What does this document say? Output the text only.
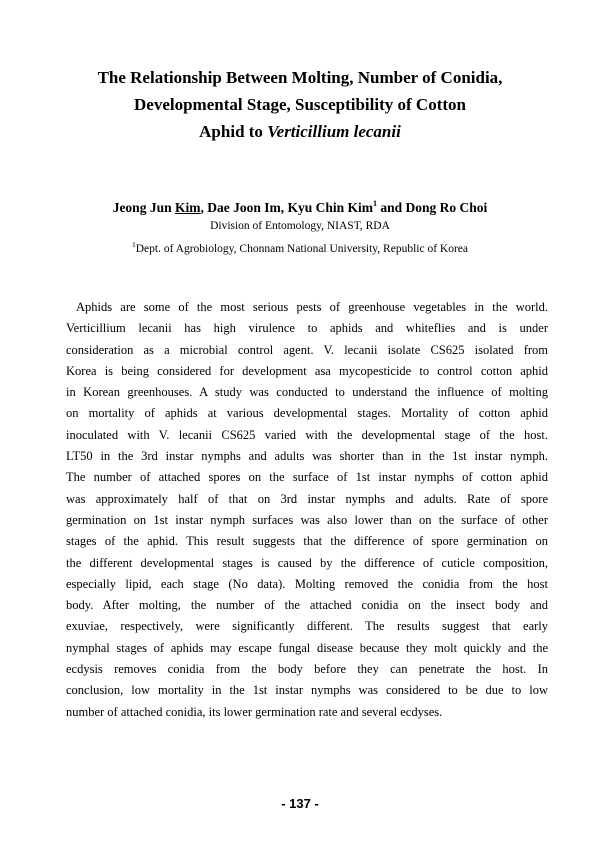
The Relationship Between Molting, Number of Conidia,
Developmental Stage, Susceptibility of Cotton
Aphid to Verticillium lecanii
Jeong Jun Kim, Dae Joon Im, Kyu Chin Kim$^1$ and Dong Ro Choi
Division of Entomology, NIAST, RDA
$^1$Dept. of Agrobiology, Chonnam National University, Republic of Korea
Aphids are some of the most serious pests of greenhouse vegetables in the world.
Verticillium lecanii has high virulence to aphids and whiteflies and is under
consideration as a microbial control agent. V. lecanii isolate CS625 isolated from
Korea is being considered for development asa mycopesticide to control cotton aphid
in Korean greenhouses. A study was conducted to understand the influence of molting
on mortality of aphids at various developmental stages. Mortality of cotton aphid
inoculated with V. lecanii CS625 varied with the developmental stage of the host.
LT50 in the 3rd instar nymphs and adults was shorter than in the 1st instar nymph.
The number of attached spores on the surface of 1st instar nymphs of cotton aphid
was approximately half of that on 3rd instar nymphs and adults. Rate of spore
germination on 1st instar nymph surfaces was also lower than on the surface of other
stages of the aphid. This result suggests that the difference of spore germination on
the different developmental stages is caused by the difference of cuticle composition,
especially lipid, each stage (No data). Molting removed the conidia from the host
body. After molting, the number of the attached conidia on the insect body and
exuviae, respectively, were significantly different. The results suggest that early
nymphal stages of aphids may escape fungal disease because they molt quickly and the
ecdysis removes conidia from the body before they can penetrate the host. In
conclusion, low mortality in the 1st instar nymphs was considered to be due to low
number of attached conidia, its lower germination rate and several ecdyses.
- 137 -
